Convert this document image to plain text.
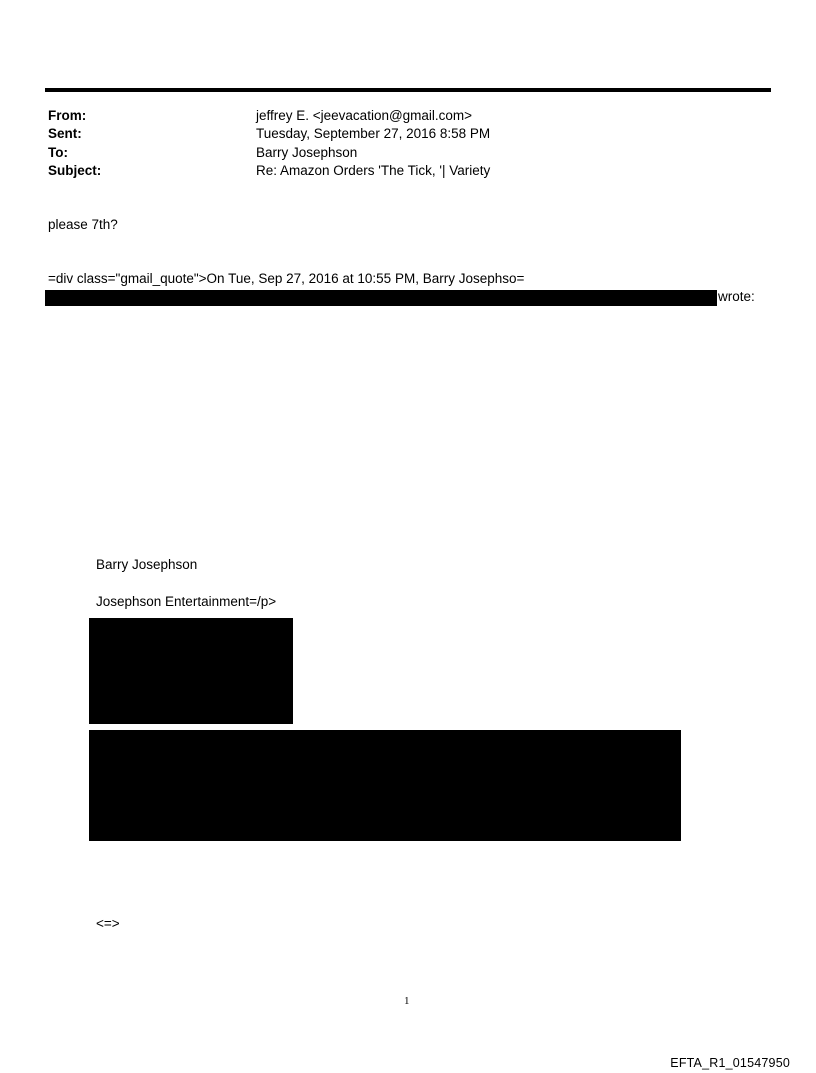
From:	jeffrey E. <jeevacation@gmail.com>
Sent:	Tuesday, September 27, 2016 8:58 PM
To:	Barry Josephson
Subject:	Re: Amazon Orders 'The Tick, '| Variety
please 7th?
=div class="gmail_quote">On Tue, Sep 27, 2016 at 10:55 PM, Barry Josephso=
wrote:
Barry Josephson
Josephson Entertainment=/p>
<=>
1
EFTA_R1_01547950
